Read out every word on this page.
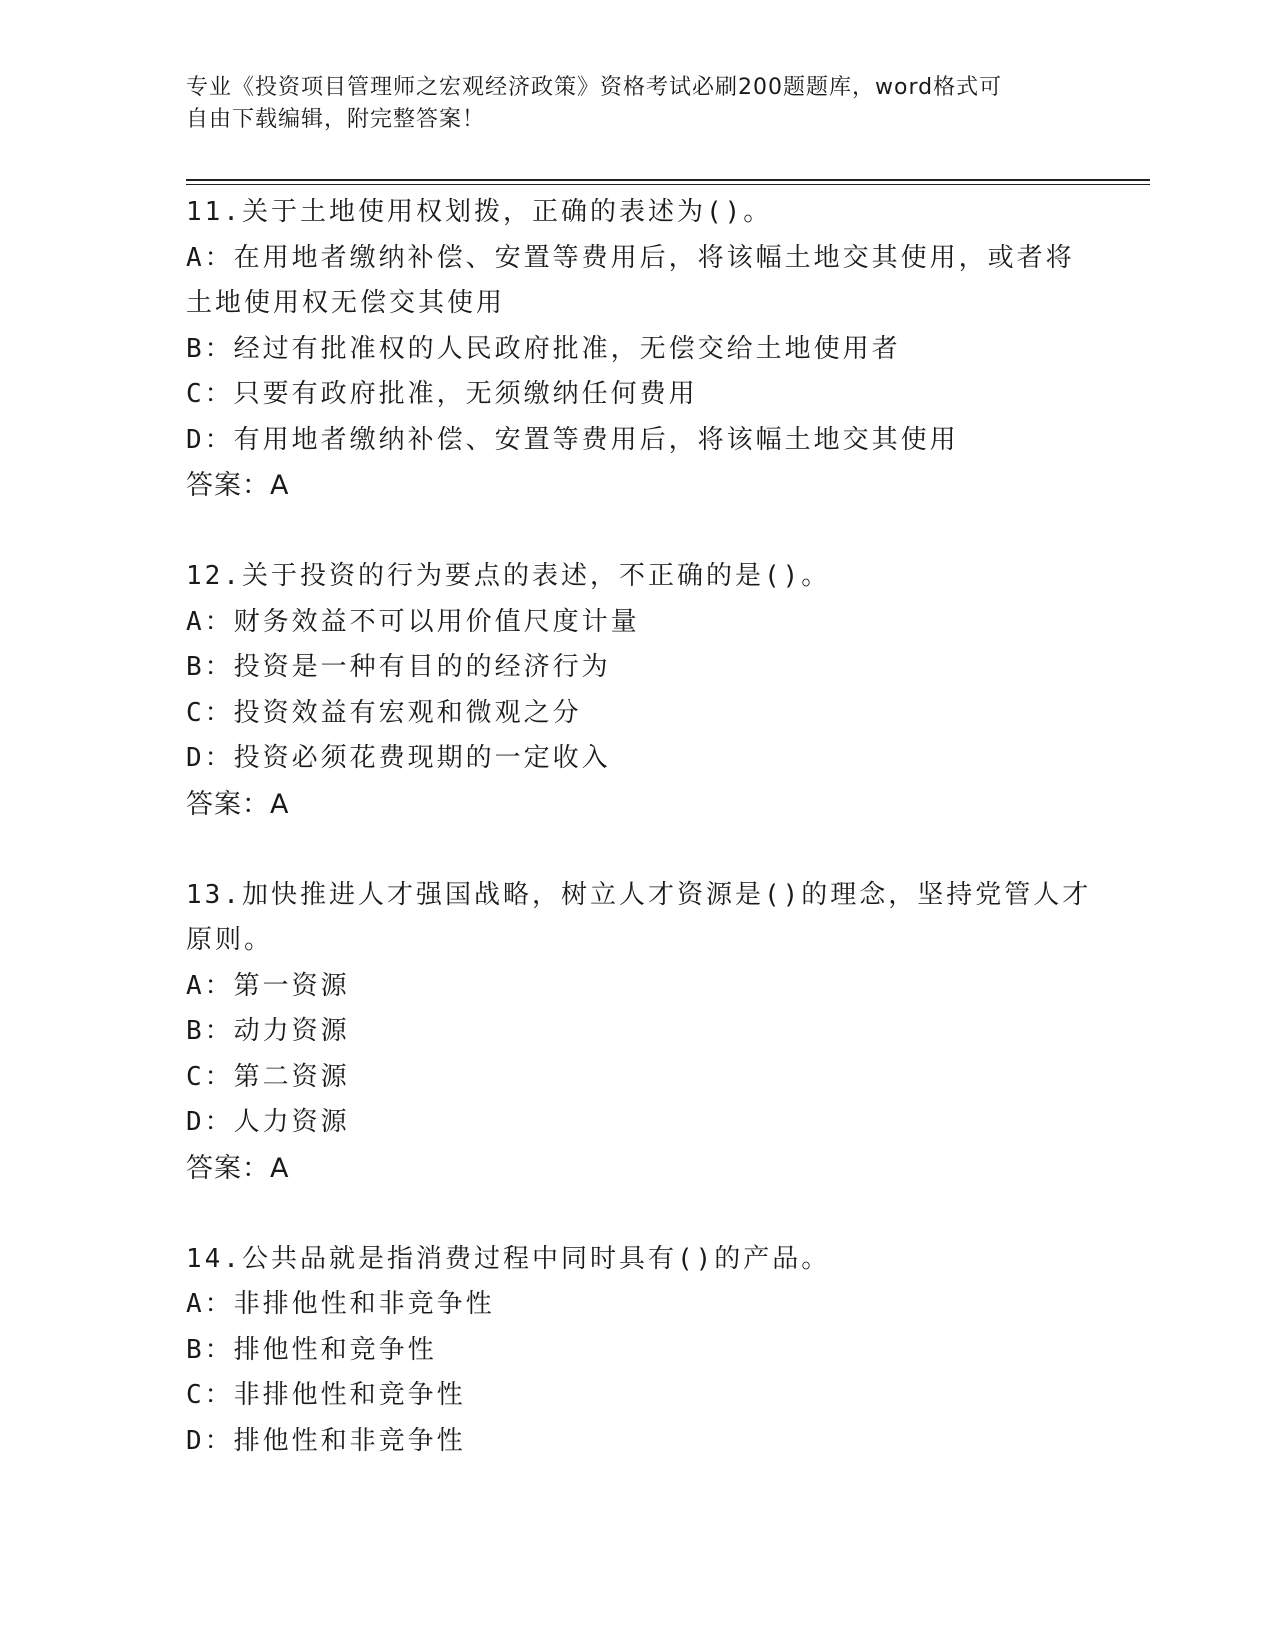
专业《投资项目管理师之宏观经济政策》资格考试必刷200题题库，word格式可
自由下载编辑，附完整答案！
11.关于土地使用权划拨，正确的表述为()。
A：在用地者缴纳补偿、安置等费用后，将该幅土地交其使用，或者将
土地使用权无偿交其使用
B：经过有批准权的人民政府批准，无偿交给土地使用者
C：只要有政府批准，无须缴纳任何费用
D：有用地者缴纳补偿、安置等费用后，将该幅土地交其使用
答案：A
12.关于投资的行为要点的表述，不正确的是()。
A：财务效益不可以用价值尺度计量
B：投资是一种有目的的经济行为
C：投资效益有宏观和微观之分
D：投资必须花费现期的一定收入
答案：A
13.加快推进人才强国战略，树立人才资源是()的理念，坚持党管人才
原则。
A：第一资源
B：动力资源
C：第二资源
D：人力资源
答案：A
14.公共品就是指消费过程中同时具有()的产品。
A：非排他性和非竞争性
B：排他性和竞争性
C：非排他性和竞争性
D：排他性和非竞争性
